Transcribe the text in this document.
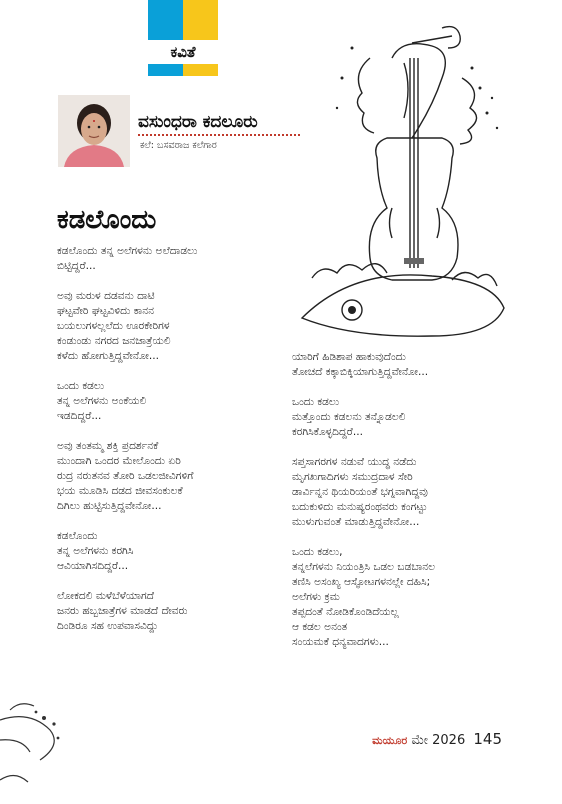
ಕವಿತೆ
ವಸುಂಧರಾ ಕದಲೂರು
ಕಲೆ: ಬಸವರಾಜ ಕಲೆಗಾರ
ಕಡಲೊಂದು
ಕಡಲೊಂದು ತನ್ನ ಅಲೆಗಳನು ಅಲೆದಾಡಲು
ಬಿಟ್ಟಿದ್ದರೆ...
ಅವು ಮರುಳ ದಡವನು ದಾಟಿ
ಘಟ್ಟವೇರಿ ಘಟ್ಟವಿಳಿದು ಕಾನನ
ಬಯಲುಗಳಲ್ಲಲೆದು ಊರಕೇರಿಗಳ
ಕಂಡುಂಡು ನಗರದ ಜನಜಾತ್ರೆಯಲಿ
ಕಳೆದು ಹೋಗುತ್ತಿದ್ದವೇನೋ...
ಒಂದು ಕಡಲು
ತನ್ನ ಅಲೆಗಳನು ಅಂಕೆಯಲಿ
ಇಡದಿದ್ದರೆ...
ಅವು ತಂತಮ್ಮ ಶಕ್ತಿ ಪ್ರದರ್ಶನಕೆ
ಮುಂದಾಗಿ ಒಂದರ ಮೇಲೊಂದು ಏರಿ
ರುದ್ರ ನರುತನವ ತೋರಿ ಒಡಲಜೀವಿಗಳಿಗೆ
ಭಯ ಮೂಡಿಸಿ ದಡದ ಜೀವಸಂಕುಲಕೆ
ದಿಗಿಲು ಹುಟ್ಟಿಸುತ್ತಿದ್ದವೇನೋ...
ಕಡಲೊಂದು
ತನ್ನ ಅಲೆಗಳನು ಕರಗಿಸಿ
ಆವಿಯಾಗಿಸದಿದ್ದರೆ...
ಲೋಕದಲಿ ಮಳೆಬೆಳೆಯಾಗದೆ
ಜನರು ಹಬ್ಬಜಾತ್ರೆಗಳ ಮಾಡದೆ ದೇವರು
ದಿಂಡಿರೂ ಸಹ ಉಪವಾಸವಿದ್ದು
ಯಾರಿಗೆ ಹಿಡಿಶಾಪ ಹಾಕುವುದೆಂದು
ತೋಚದೆ ಕಕ್ಕಾಬಿಕ್ಕಿಯಾಗುತ್ತಿದ್ದವೇನೋ...
ಒಂದು ಕಡಲು
ಮತ್ತೊಂದು ಕಡಲನು ತನ್ನೊಡಲಲಿ
ಕರಗಿಸಿಕೊಳ್ಳದಿದ್ದರೆ...
ಸಪ್ತಸಾಗರಗಳ ನಡುವೆ ಯುದ್ಧ ನಡೆದು
ಮೃಗಖಗಾದಿಗಳು ಸಮುದ್ರದಾಳ ಸೇರಿ
ಡಾರ್ವಿನ್ನನ ಥಿಯರಿಯಂತೆ ಭಗ್ನವಾಗಿದ್ದವು
ಬದುಕುಳಿದು ಮನುಷ್ಯರಂಥವರು ಕಂಗಟ್ಟು
ಮುಳುಗುವಂತೆ ಮಾಡುತ್ತಿದ್ದವೇನೋ...
ಒಂದು ಕಡಲು,
ತನ್ನಲೆಗಳನು ನಿಯಂತ್ರಿಸಿ ಒಡಲ ಬಡಬಾನಲ
ತಣಿಸಿ ಅಸಂಖ್ಯ ಆಸ್ಫೋಟಗಳನಲ್ಲೇ ದಹಿಸಿ;
ಅಲೆಗಳು ಕ್ರಮ
ತಪ್ಪದಂತೆ ನೋಡಿಕೊಂಡಿದೆಯಲ್ಲ
ಆ ಕಡಲ ಅನಂತ
ಸಂಯಮಕೆ ಧನ್ಯವಾದಗಳು...
ಮಯೂರ ಮೇ 2026 145
